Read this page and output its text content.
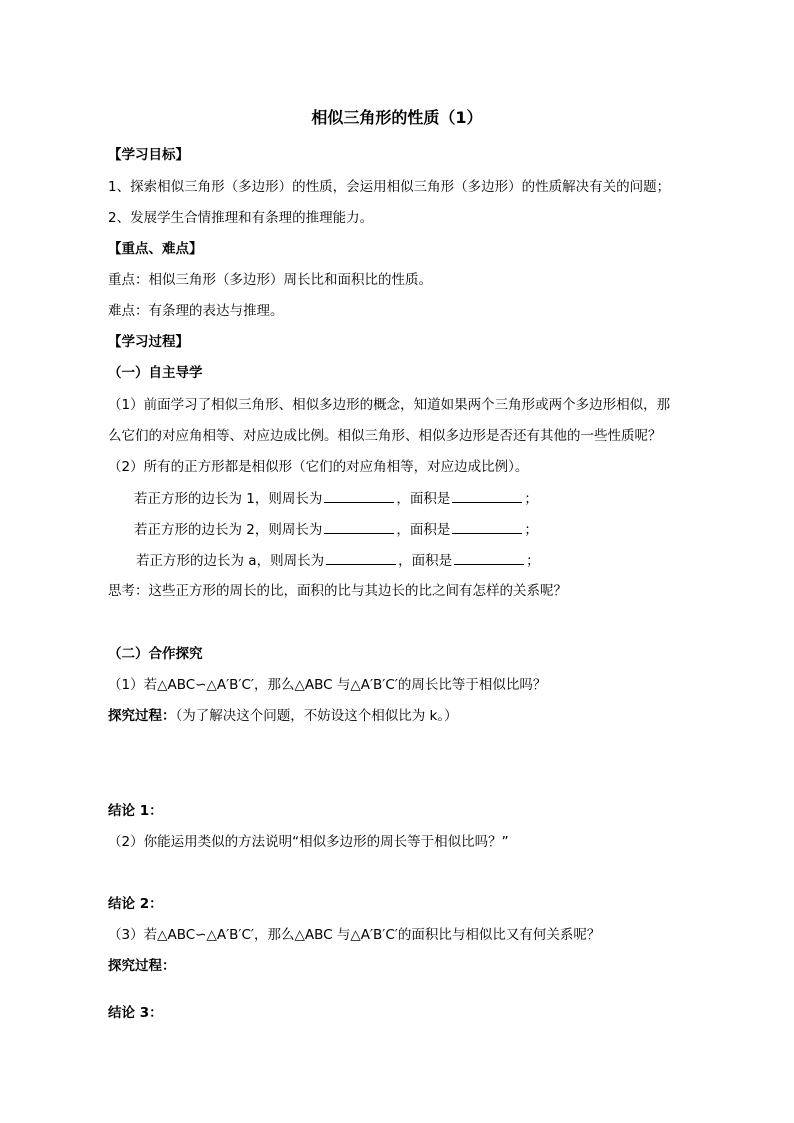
相似三角形的性质（1）
【学习目标】
1、探索相似三角形（多边形）的性质，会运用相似三角形（多边形）的性质解决有关的问题；
2、发展学生合情推理和有条理的推理能力。
【重点、难点】
重点：相似三角形（多边形）周长比和面积比的性质。
难点：有条理的表达与推理。
【学习过程】
（一）自主导学
（1）前面学习了相似三角形、相似多边形的概念，知道如果两个三角形或两个多边形相似，那
么它们的对应角相等、对应边成比例。相似三角形、相似多边形是否还有其他的一些性质呢？
（2）所有的正方形都是相似形（它们的对应角相等，对应边成比例）。
若正方形的边长为 1，则周长为	，面积是	；
若正方形的边长为 2，则周长为	，面积是	；
若正方形的边长为 a，则周长为	，面积是	；
思考：这些正方形的周长的比，面积的比与其边长的比之间有怎样的关系呢？
（二）合作探究
（1）若△ABC∽△A′B′C′，那么△ABC 与△A′B′C′的周长比等于相似比吗？
探究过程：（为了解决这个问题，不妨设这个相似比为 k。）
结论 1：
（2）你能运用类似的方法说明“相似多边形的周长等于相似比吗？”
结论 2：
（3）若△ABC∽△A′B′C′，那么△ABC 与△A′B′C′的面积比与相似比又有何关系呢？
探究过程：
结论 3：
